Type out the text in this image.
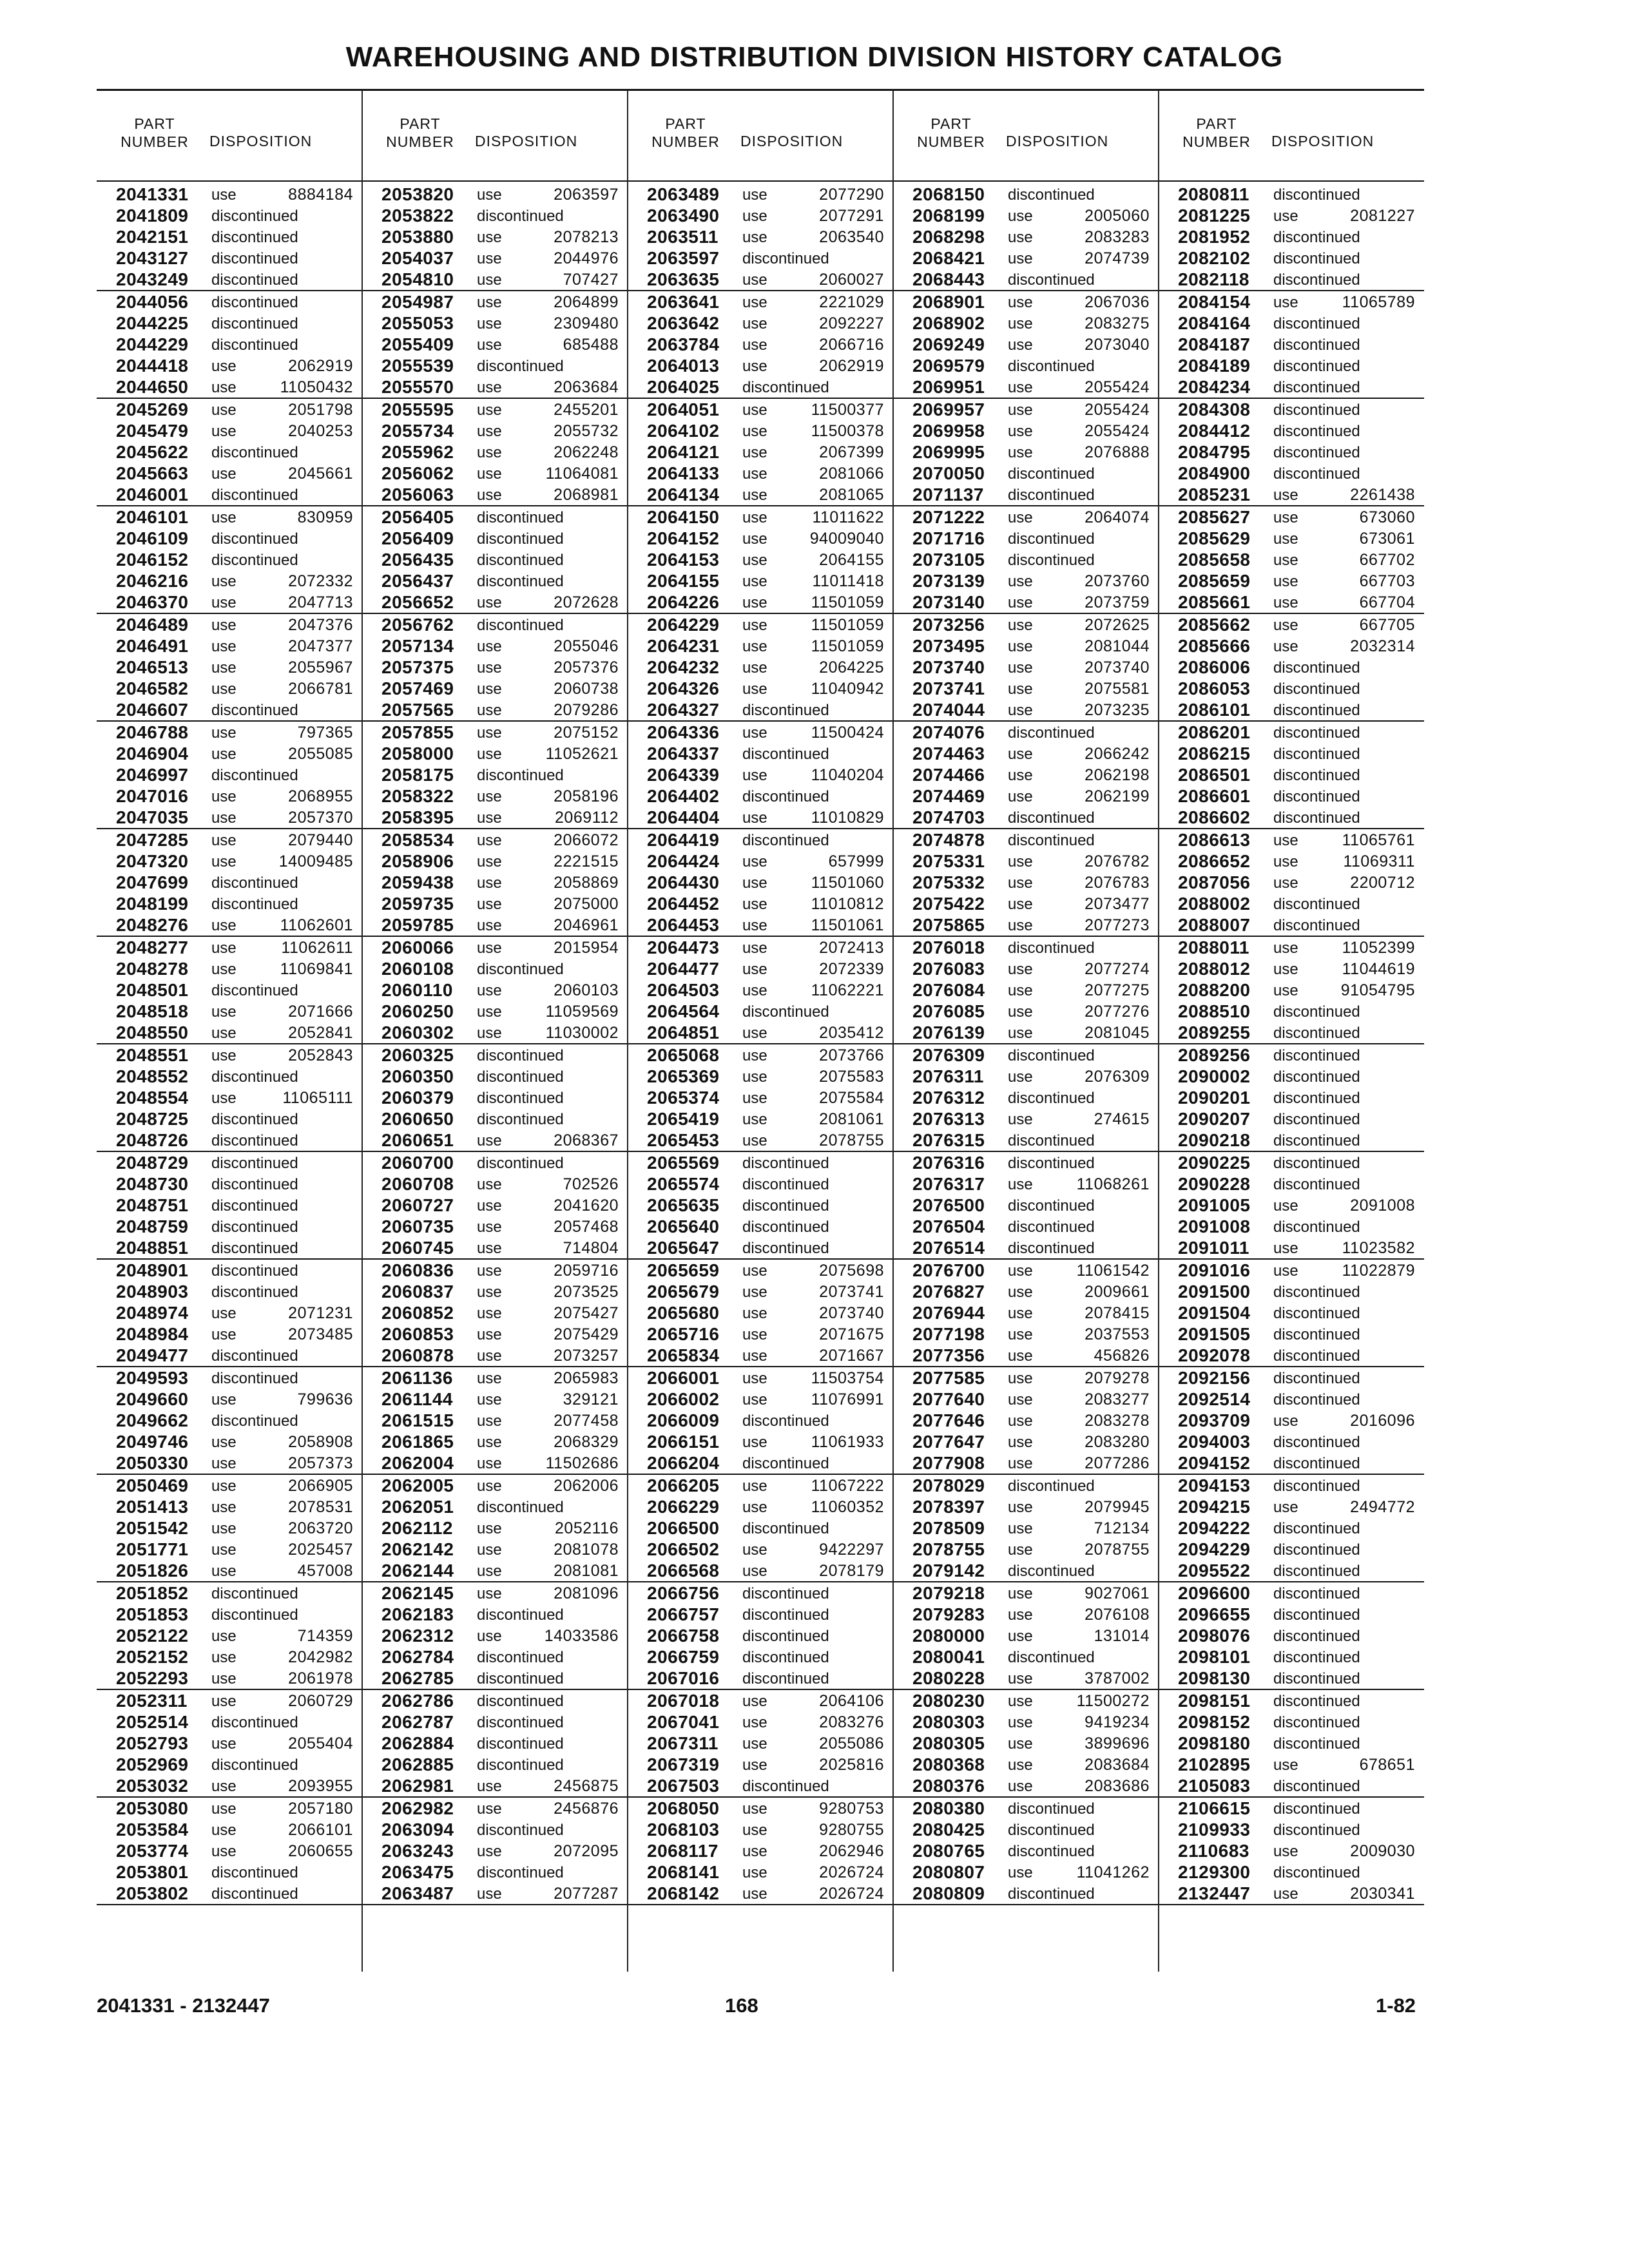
WAREHOUSING AND DISTRIBUTION DIVISION HISTORY CATALOG
PART
NUMBER	DISPOSITION
2041331 use	8884184
2041809 discontinued
2042151 discontinued
2043127 discontinued
2043249 discontinued
2044056 discontinued
2044225 discontinued
2044229 discontinued
2044418 use	2062919
2044650 use	11050432
2045269 use	2051798
2045479 use	2040253
2045622 discontinued
2045663 use	2045661
2046001 discontinued
2046101 use	830959
2046109 discontinued
2046152 discontinued
2046216 use	2072332
2046370 use	2047713
2046489 use	2047376
2046491 use	2047377
2046513 use	2055967
2046582 use	2066781
2046607 discontinued
2046788 use	797365
2046904 use	2055085
2046997 discontinued
2047016 use	2068955
2047035 use	2057370
2047285 use	2079440
2047320 use	14009485
2047699 discontinued
2048199 discontinued
2048276 use	11062601
2048277 use	11062611
2048278 use	11069841
2048501 discontinued
2048518 use	2071666
2048550 use	2052841
2048551 use	2052843
2048552 discontinued
2048554 use	11065111
2048725 discontinued
2048726 discontinued
2048729 discontinued
2048730 discontinued
2048751 discontinued
2048759 discontinued
2048851 discontinued
2048901 discontinued
2048903 discontinued
2048974 use	2071231
2048984 use	2073485
2049477 discontinued
2049593 discontinued
2049660 use	799636
2049662 discontinued
2049746 use	2058908
2050330 use	2057373
2050469 use	2066905
2051413 use	2078531
2051542 use	2063720
2051771 use	2025457
2051826 use	457008
2051852 discontinued
2051853 discontinued
2052122 use	714359
2052152 use	2042982
2052293 use	2061978
2052311 use	2060729
2052514 discontinued
2052793 use	2055404
2052969 discontinued
2053032 use	2093955
2053080 use	2057180
2053584 use	2066101
2053774 use	2060655
2053801 discontinued
2053802 discontinued
PART
NUMBER	DISPOSITION
2053820 use	2063597
2053822 discontinued
2053880 use	2078213
2054037 use	2044976
2054810 use	707427
2054987 use	2064899
2055053 use	2309480
2055409 use	685488
2055539 discontinued
2055570 use	2063684
2055595 use	2455201
2055734 use	2055732
2055962 use	2062248
2056062 use	11064081
2056063 use	2068981
2056405 discontinued
2056409 discontinued
2056435 discontinued
2056437 discontinued
2056652 use	2072628
2056762 discontinued
2057134 use	2055046
2057375 use	2057376
2057469 use	2060738
2057565 use	2079286
2057855 use	2075152
2058000 use	11052621
2058175 discontinued
2058322 use	2058196
2058395 use	2069112
2058534 use	2066072
2058906 use	2221515
2059438 use	2058869
2059735 use	2075000
2059785 use	2046961
2060066 use	2015954
2060108 discontinued
2060110 use	2060103
2060250 use	11059569
2060302 use	11030002
2060325 discontinued
2060350 discontinued
2060379 discontinued
2060650 discontinued
2060651 use	2068367
2060700 discontinued
2060708 use	702526
2060727 use	2041620
2060735 use	2057468
2060745 use	714804
2060836 use	2059716
2060837 use	2073525
2060852 use	2075427
2060853 use	2075429
2060878 use	2073257
2061136 use	2065983
2061144 use	329121
2061515 use	2077458
2061865 use	2068329
2062004 use	11502686
2062005 use	2062006
2062051 discontinued
2062112 use	2052116
2062142 use	2081078
2062144 use	2081081
2062145 use	2081096
2062183 discontinued
2062312 use	14033586
2062784 discontinued
2062785 discontinued
2062786 discontinued
2062787 discontinued
2062884 discontinued
2062885 discontinued
2062981 use	2456875
2062982 use	2456876
2063094 discontinued
2063243 use	2072095
2063475 discontinued
2063487 use	2077287
PART
NUMBER	DISPOSITION
2063489 use	2077290
2063490 use	2077291
2063511 use	2063540
2063597 discontinued
2063635 use	2060027
2063641 use	2221029
2063642 use	2092227
2063784 use	2066716
2064013 use	2062919
2064025 discontinued
2064051 use	11500377
2064102 use	11500378
2064121 use	2067399
2064133 use	2081066
2064134 use	2081065
2064150 use	11011622
2064152 use	94009040
2064153 use	2064155
2064155 use	11011418
2064226 use	11501059
2064229 use	11501059
2064231 use	11501059
2064232 use	2064225
2064326 use	11040942
2064327 discontinued
2064336 use	11500424
2064337 discontinued
2064339 use	11040204
2064402 discontinued
2064404 use	11010829
2064419 discontinued
2064424 use	657999
2064430 use	11501060
2064452 use	11010812
2064453 use	11501061
2064473 use	2072413
2064477 use	2072339
2064503 use	11062221
2064564 discontinued
2064851 use	2035412
2065068 use	2073766
2065369 use	2075583
2065374 use	2075584
2065419 use	2081061
2065453 use	2078755
2065569 discontinued
2065574 discontinued
2065635 discontinued
2065640 discontinued
2065647 discontinued
2065659 use	2075698
2065679 use	2073741
2065680 use	2073740
2065716 use	2071675
2065834 use	2071667
2066001 use	11503754
2066002 use	11076991
2066009 discontinued
2066151 use	11061933
2066204 discontinued
2066205 use	11067222
2066229 use	11060352
2066500 discontinued
2066502 use	9422297
2066568 use	2078179
2066756 discontinued
2066757 discontinued
2066758 discontinued
2066759 discontinued
2067016 discontinued
2067018 use	2064106
2067041 use	2083276
2067311 use	2055086
2067319 use	2025816
2067503 discontinued
2068050 use	9280753
2068103 use	9280755
2068117 use	2062946
2068141 use	2026724
2068142 use	2026724
PART
NUMBER	DISPOSITION
2068150 discontinued
2068199 use	2005060
2068298 use	2083283
2068421 use	2074739
2068443 discontinued
2068901 use	2067036
2068902 use	2083275
2069249 use	2073040
2069579 discontinued
2069951 use	2055424
2069957 use	2055424
2069958 use	2055424
2069995 use	2076888
2070050 discontinued
2071137 discontinued
2071222 use	2064074
2071716 discontinued
2073105 discontinued
2073139 use	2073760
2073140 use	2073759
2073256 use	2072625
2073495 use	2081044
2073740 use	2073740
2073741 use	2075581
2074044 use	2073235
2074076 discontinued
2074463 use	2066242
2074466 use	2062198
2074469 use	2062199
2074703 discontinued
2074878 discontinued
2075331 use	2076782
2075332 use	2076783
2075422 use	2073477
2075865 use	2077273
2076018 discontinued
2076083 use	2077274
2076084 use	2077275
2076085 use	2077276
2076139 use	2081045
2076309 discontinued
2076311 use	2076309
2076312 discontinued
2076313 use	274615
2076315 discontinued
2076316 discontinued
2076317 use	11068261
2076500 discontinued
2076504 discontinued
2076514 discontinued
2076700 use	11061542
2076827 use	2009661
2076944 use	2078415
2077198 use	2037553
2077356 use	456826
2077585 use	2079278
2077640 use	2083277
2077646 use	2083278
2077647 use	2083280
2077908 use	2077286
2078029 discontinued
2078397 use	2079945
2078509 use	712134
2078755 use	2078755
2079142 discontinued
2079218 use	9027061
2079283 use	2076108
2080000 use	131014
2080041 discontinued
2080228 use	3787002
2080230 use	11500272
2080303 use	9419234
2080305 use	3899696
2080368 use	2083684
2080376 use	2083686
2080380 discontinued
2080425 discontinued
2080765 discontinued
2080807 use	11041262
2080809 discontinued
PART
NUMBER	DISPOSITION
2080811 discontinued
2081225 use	2081227
2081952 discontinued
2082102 discontinued
2082118 discontinued
2084154 use	11065789
2084164 discontinued
2084187 discontinued
2084189 discontinued
2084234 discontinued
2084308 discontinued
2084412 discontinued
2084795 discontinued
2084900 discontinued
2085231 use	2261438
2085627 use	673060
2085629 use	673061
2085658 use	667702
2085659 use	667703
2085661 use	667704
2085662 use	667705
2085666 use	2032314
2086006 discontinued
2086053 discontinued
2086101 discontinued
2086201 discontinued
2086215 discontinued
2086501 discontinued
2086601 discontinued
2086602 discontinued
2086613 use	11065761
2086652 use	11069311
2087056 use	2200712
2088002 discontinued
2088007 discontinued
2088011 use	11052399
2088012 use	11044619
2088200 use	91054795
2088510 discontinued
2089255 discontinued
2089256 discontinued
2090002 discontinued
2090201 discontinued
2090207 discontinued
2090218 discontinued
2090225 discontinued
2090228 discontinued
2091005 use	2091008
2091008 discontinued
2091011 use	11023582
2091016 use	11022879
2091500 discontinued
2091504 discontinued
2091505 discontinued
2092078 discontinued
2092156 discontinued
2092514 discontinued
2093709 use	2016096
2094003 discontinued
2094152 discontinued
2094153 discontinued
2094215 use	2494772
2094222 discontinued
2094229 discontinued
2095522 discontinued
2096600 discontinued
2096655 discontinued
2098076 discontinued
2098101 discontinued
2098130 discontinued
2098151 discontinued
2098152 discontinued
2098180 discontinued
2102895 use	678651
2105083 discontinued
2106615 discontinued
2109933 discontinued
2110683 use	2009030
2129300 discontinued
2132447 use	2030341
2041331 - 2132447	168	1-82
